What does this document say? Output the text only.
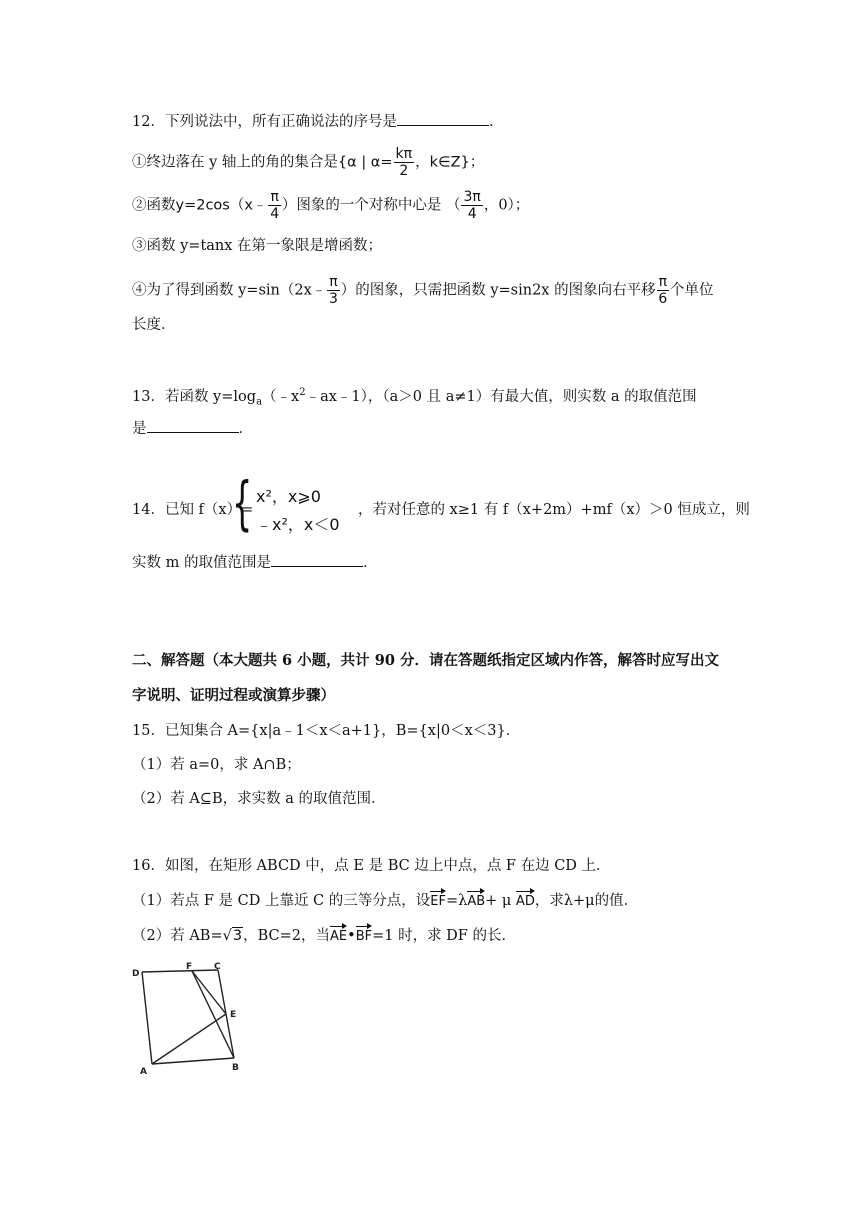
12．下列说法中，所有正确说法的序号是	．
①终边落在 y 轴上的角的集合是{α | $\alpha= \frac{k\pi}{2}$ ，k∈Z}；
②函数y=2cos（x﹣ $\frac{\pi}{4}$ ）图象的一个对称中心是 （ $\frac{3\pi}{4}$ ，0）；
③函数 y=tanx 在第一象限是增函数；
④为了得到函数 y=sin（2x﹣ $\frac{\pi}{3}$ ）的图象，只需把函数 y=sin2x 的图象向右平移 $\frac{\pi}{6}$ 个单位
长度．
13．若函数 $y=\log_a(﹣x^2﹣ax﹣1)$，（a＞0 且 a≠1）有最大值，则实数 a 的取值范围
是	．
14．已知 f（x）=
{ x²，x⩾0
﹣x²，x＜0
，若对任意的 x≥1 有 f（x+2m）+mf（x）＞0 恒成立，则
实数 m 的取值范围是	．
二、解答题（本大题共 6 小题，共计 90 分．请在答题纸指定区域内作答，解答时应写出文
字说明、证明过程或演算步骤）
15．已知集合 A={x|a﹣1＜x＜a+1}，B={x|0＜x＜3}．
（1）若 a=0，求 A∩B；
（2）若 A⊆B，求实数 a 的取值范围．
16．如图，在矩形 ABCD 中，点 E 是 BC 边上中点，点 F 在边 CD 上．
（1）若点 F 是 CD 上靠近 C 的三等分点，设EF=λAB+ μ AD，求λ+μ的值．
（2）若 AB=√3，BC=2，当AE•BF=1 时，求 DF 的长．
D
F C
E
A	B
